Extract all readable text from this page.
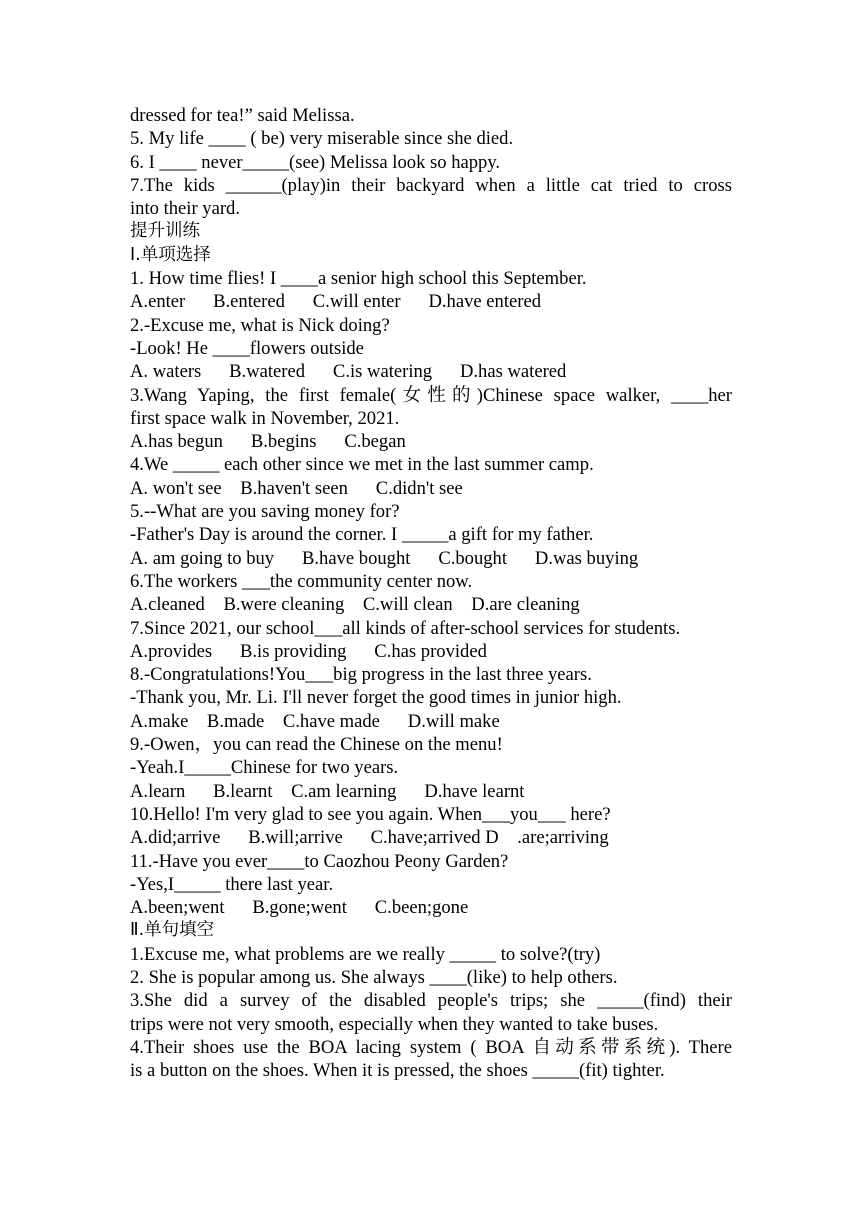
dressed for tea!” said Melissa.
5. My life ____ ( be) very miserable since she died.
6. I ____ never_____(see) Melissa look so happy.
7.The kids ______(play)in their backyard when a little cat tried to cross
into their yard.
提升训练
Ⅰ.单项选择
1. How time flies! I ____a senior high school this September.
A.enter      B.entered      C.will enter      D.have entered
2.-Excuse me, what is Nick doing?
-Look! He ____flowers outside
A. waters      B.watered      C.is watering      D.has watered
3.Wang Yaping, the first female(女性的)Chinese space walker, ____her
first space walk in November, 2021.
A.has begun      B.begins      C.began
4.We _____ each other since we met in the last summer camp.
A. won't see    B.haven't seen      C.didn't see
5.--What are you saving money for?
-Father's Day is around the corner. I _____a gift for my father.
A. am going to buy      B.have bought      C.bought      D.was buying
6.The workers ___the community center now.
A.cleaned    B.were cleaning    C.will clean    D.are cleaning
7.Since 2021, our school___all kinds of after-school services for students.
A.provides      B.is providing      C.has provided
8.-Congratulations!You___big progress in the last three years.
-Thank you, Mr. Li. I'll never forget the good times in junior high.
A.make    B.made    C.have made      D.will make
9.-Owen，you can read the Chinese on the menu!
-Yeah.I_____Chinese for two years.
A.learn      B.learnt    C.am learning      D.have learnt
10.Hello! I'm very glad to see you again. When___you___ here?
A.did;arrive      B.will;arrive      C.have;arrived D    .are;arriving
11.-Have you ever____to Caozhou Peony Garden?
-Yes,I_____ there last year.
A.been;went      B.gone;went      C.been;gone
Ⅱ.单句填空
1.Excuse me, what problems are we really _____ to solve?(try)
2. She is popular among us. She always ____(like) to help others.
3.She did a survey of the disabled people's trips; she _____(find) their
trips were not very smooth, especially when they wanted to take buses.
4.Their shoes use the BOA lacing system ( BOA 自动系带系统). There
is a button on the shoes. When it is pressed, the shoes _____(fit) tighter.
